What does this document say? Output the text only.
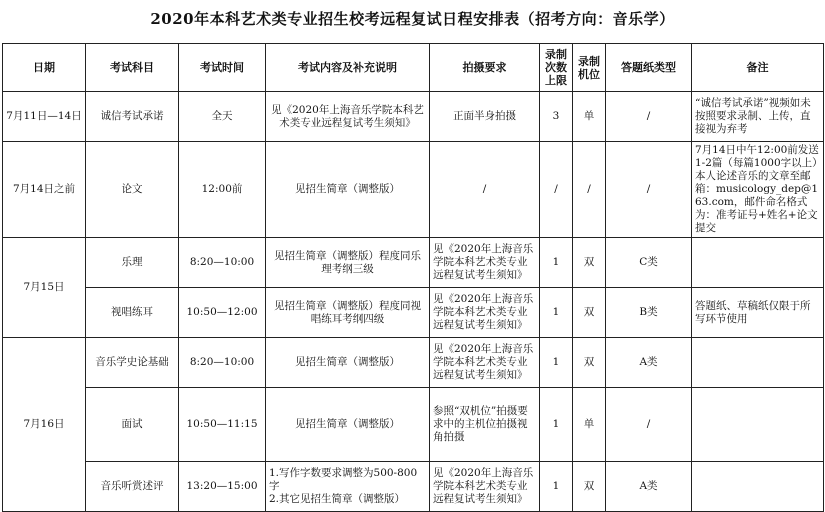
2020年本科艺术类专业招生校考远程复试日程安排表（招考方向：音乐学）
日期	考试科目	考试时间	考试内容及补充说明	拍摄要求	录制次数上限	录制机位	答题纸类型	备注
7月11日—14日	诚信考试承诺	全天	见《2020年上海音乐学院本科艺术类专业远程复试考生须知》	正面半身拍摄	3	单	/	“诚信考试承诺”视频如未按照要求录制、上传，直接视为弃考
7月14日之前	论文	12:00前	见招生简章（调整版）	/	/	/	/	7月14日中午12:00前发送1-2篇（每篇1000字以上）本人论述音乐的文章至邮箱：musicology_dep@163.com，邮件命名格式为：准考证号+姓名+论文提交
7月15日	乐理	8:20—10:00	见招生简章（调整版）程度同乐理考纲三级	见《2020年上海音乐学院本科艺术类专业远程复试考生须知》	1	双	C类	
	视唱练耳	10:50—12:00	见招生简章（调整版）程度同视唱练耳考纲四级	见《2020年上海音乐学院本科艺术类专业远程复试考生须知》	1	双	B类	答题纸、草稿纸仅限于所写环节使用
7月16日	音乐学史论基础	8:20—10:00	见招生简章（调整版）	见《2020年上海音乐学院本科艺术类专业远程复试考生须知》	1	双	A类	
	面试	10:50—11:15	见招生简章（调整版）	参照“双机位”拍摄要求中的主机位拍摄视角拍摄	1	单	/	
	音乐听赏述评	13:20—15:00	1.写作字数要求调整为500-800字
2.其它见招生简章（调整版）	见《2020年上海音乐学院本科艺术类专业远程复试考生须知》	1	双	A类	
